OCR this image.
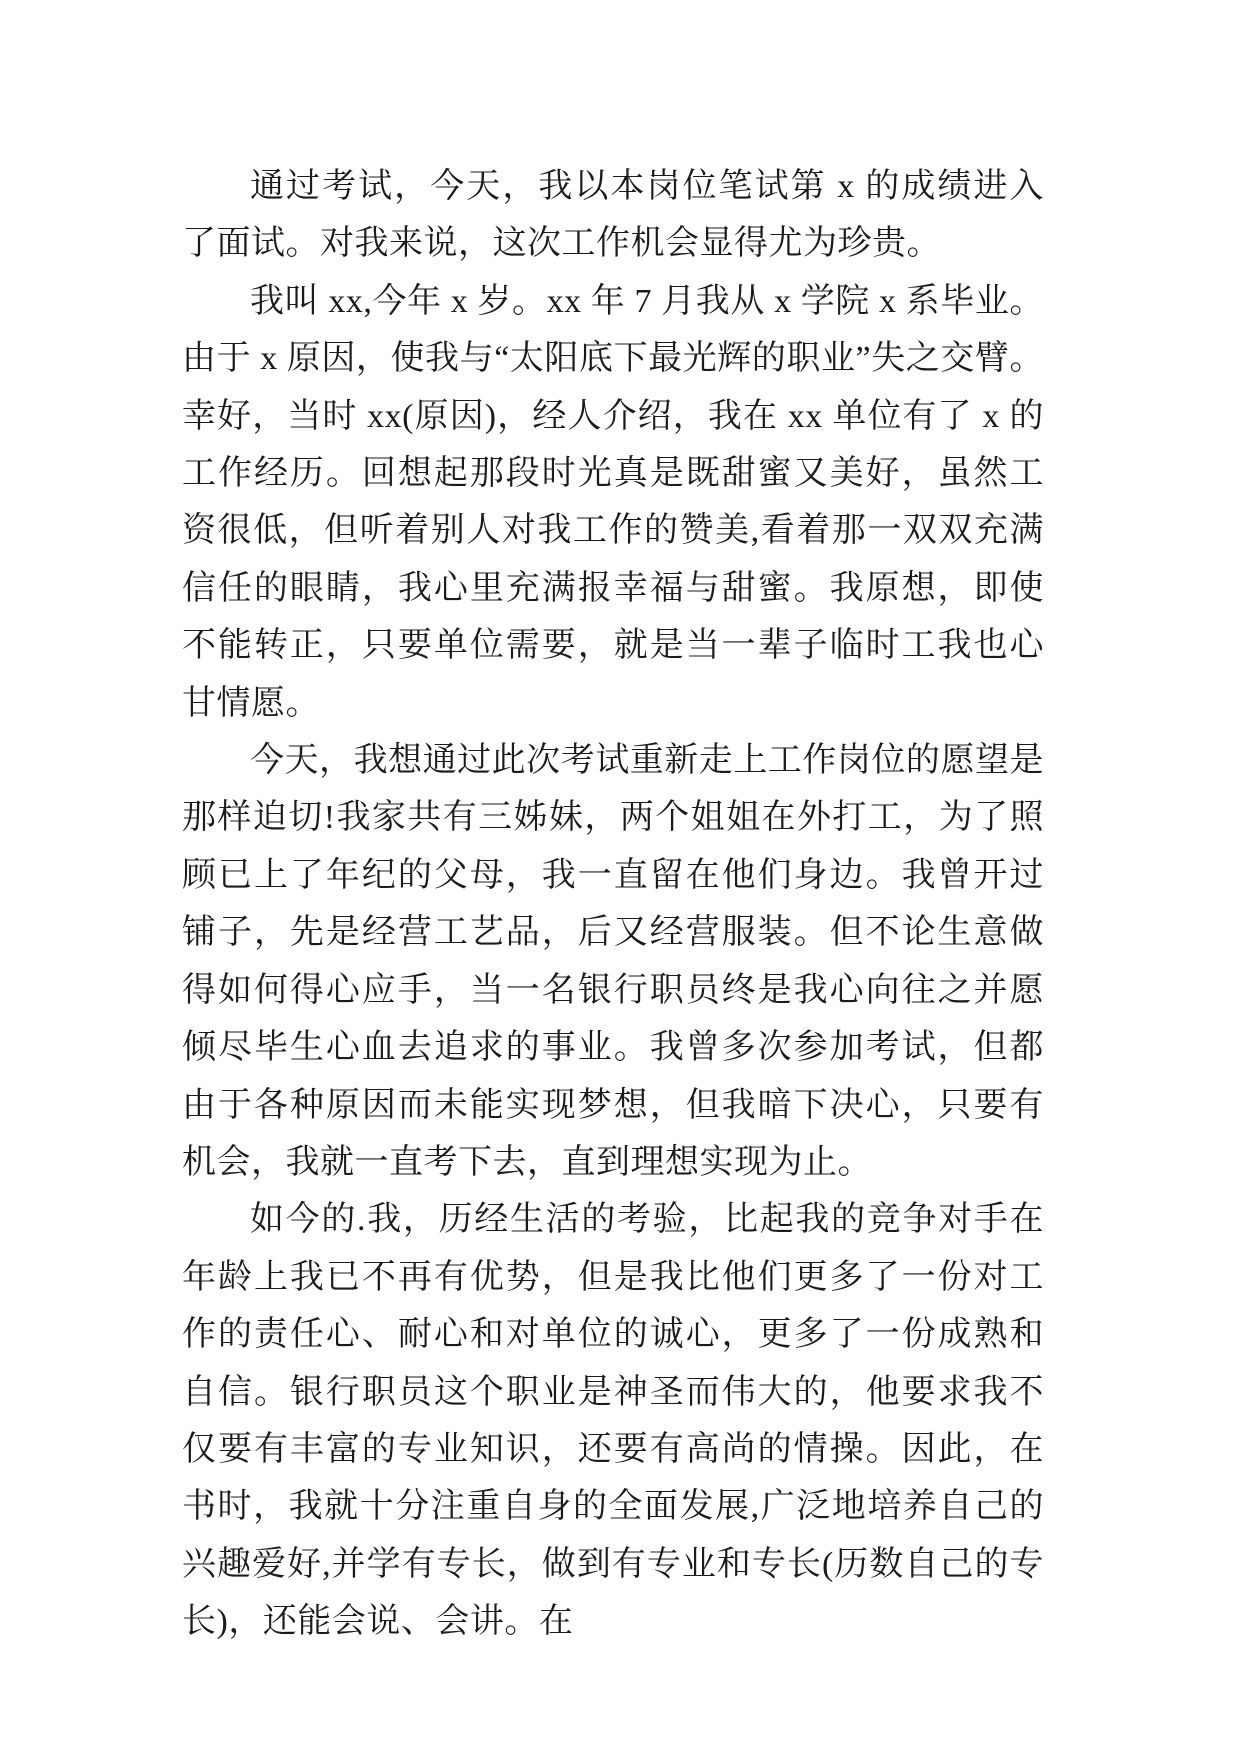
通过考试，今天，我以本岗位笔试第 x 的成绩进入了面试。对我来说，这次工作机会显得尤为珍贵。

我叫 xx,今年 x 岁。xx 年 7 月我从 x 学院 x 系毕业。由于 x 原因，使我与“太阳底下最光辉的职业”失之交臂。幸好，当时 xx(原因)，经人介绍，我在 xx 单位有了 x 的工作经历。回想起那段时光真是既甜蜜又美好，虽然工资很低，但听着别人对我工作的赞美,看着那一双双充满信任的眼睛，我心里充满报幸福与甜蜜。我原想，即使不能转正，只要单位需要，就是当一辈子临时工我也心甘情愿。

今天，我想通过此次考试重新走上工作岗位的愿望是那样迫切!我家共有三姊妹，两个姐姐在外打工，为了照顾已上了年纪的父母，我一直留在他们身边。我曾开过铺子，先是经营工艺品，后又经营服装。但不论生意做得如何得心应手，当一名银行职员终是我心向往之并愿倾尽毕生心血去追求的事业。我曾多次参加考试，但都由于各种原因而未能实现梦想，但我暗下决心，只要有机会，我就一直考下去，直到理想实现为止。

如今的.我，历经生活的考验，比起我的竞争对手在年龄上我已不再有优势，但是我比他们更多了一份对工作的责任心、耐心和对单位的诚心，更多了一份成熟和自信。银行职员这个职业是神圣而伟大的，他要求我不仅要有丰富的专业知识，还要有高尚的情操。因此，在书时，我就十分注重自身的全面发展,广泛地培养自己的兴趣爱好,并学有专长，做到有专业和专长(历数自己的专长)，还能会说、会讲。在
